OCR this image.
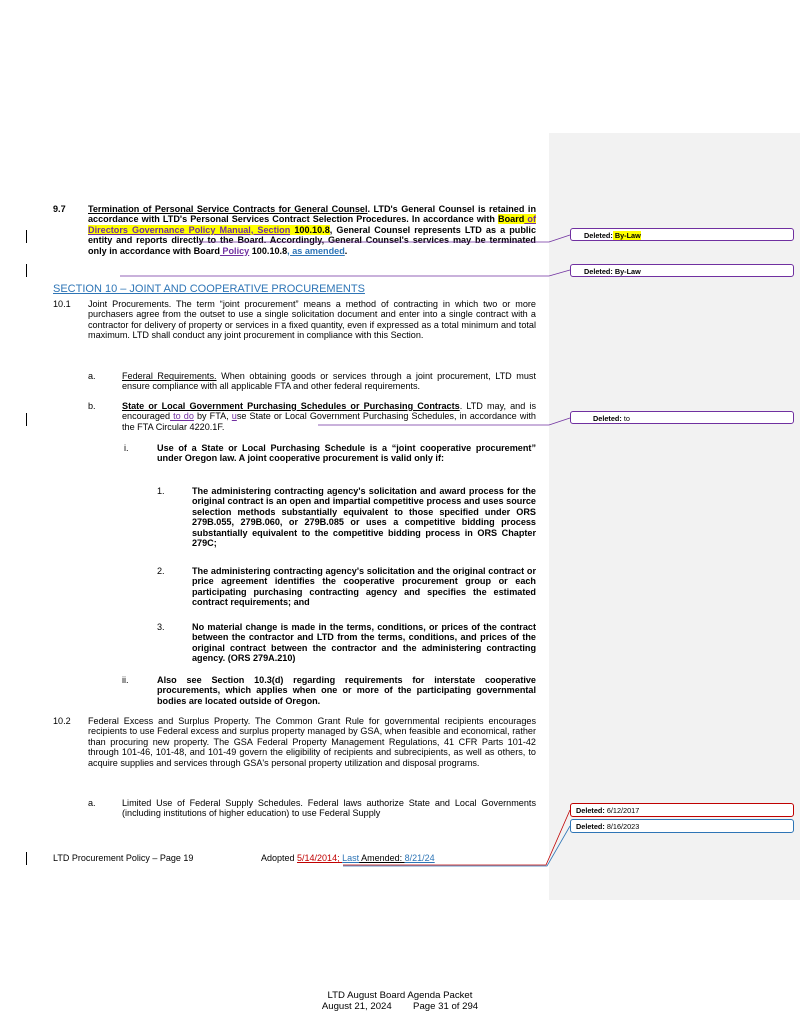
9.7 Termination of Personal Service Contracts for General Counsel. LTD's General Counsel is retained in accordance with LTD's Personal Services Contract Selection Procedures. In accordance with Board of Directors Governance Policy Manual, Section 100.10.8, General Counsel represents LTD as a public entity and reports directly to the Board. Accordingly, General Counsel's services may be terminated only in accordance with Board Policy 100.10.8, as amended.
SECTION 10 – JOINT AND COOPERATIVE PROCUREMENTS
10.1 Joint Procurements. The term “joint procurement” means a method of contracting in which two or more purchasers agree from the outset to use a single solicitation document and enter into a single contract with a contractor for delivery of property or services in a fixed quantity, even if expressed as a total minimum and total maximum. LTD shall conduct any joint procurement in compliance with this Section.
a.	Federal Requirements. When obtaining goods or services through a joint procurement, LTD must ensure compliance with all applicable FTA and other federal requirements.
b.	State or Local Government Purchasing Schedules or Purchasing Contracts. LTD may, and is encouraged to do by FTA, use State or Local Government Purchasing Schedules, in accordance with the FTA Circular 4220.1F.
i.	Use of a State or Local Purchasing Schedule is a “joint cooperative procurement” under Oregon law. A joint cooperative procurement is valid only if:
1.	The administering contracting agency's solicitation and award process for the original contract is an open and impartial competitive process and uses source selection methods substantially equivalent to those specified under ORS 279B.055, 279B.060, or 279B.085 or uses a competitive bidding process substantially equivalent to the competitive bidding process in ORS Chapter 279C;
2.	The administering contracting agency's solicitation and the original contract or price agreement identifies the cooperative procurement group or each participating purchasing contracting agency and specifies the estimated contract requirements; and
3.	No material change is made in the terms, conditions, or prices of the contract between the contractor and LTD from the terms, conditions, and prices of the original contract between the contractor and the administering contracting agency. (ORS 279A.210)
ii.	Also see Section 10.3(d) regarding requirements for interstate cooperative procurements, which applies when one or more of the participating governmental bodies are located outside of Oregon.
10.2 Federal Excess and Surplus Property. The Common Grant Rule for governmental recipients encourages recipients to use Federal excess and surplus property managed by GSA, when feasible and economical, rather than procuring new property. The GSA Federal Property Management Regulations, 41 CFR Parts 101-42 through 101-46, 101-48, and 101-49 govern the eligibility of recipients and subrecipients, as well as others, to acquire supplies and services through GSA's personal property utilization and disposal programs.
a.	Limited Use of Federal Supply Schedules. Federal laws authorize State and Local Governments (including institutions of higher education) to use Federal Supply
Deleted: By-Law
Deleted: By-Law
Deleted: to
Deleted: 6/12/2017
Deleted: 8/16/2023
LTD Procurement Policy – Page 19	Adopted 5/14/2014; Last Amended: 8/21/24
LTD August Board Agenda Packet
August 21, 2024        Page 31 of 294
